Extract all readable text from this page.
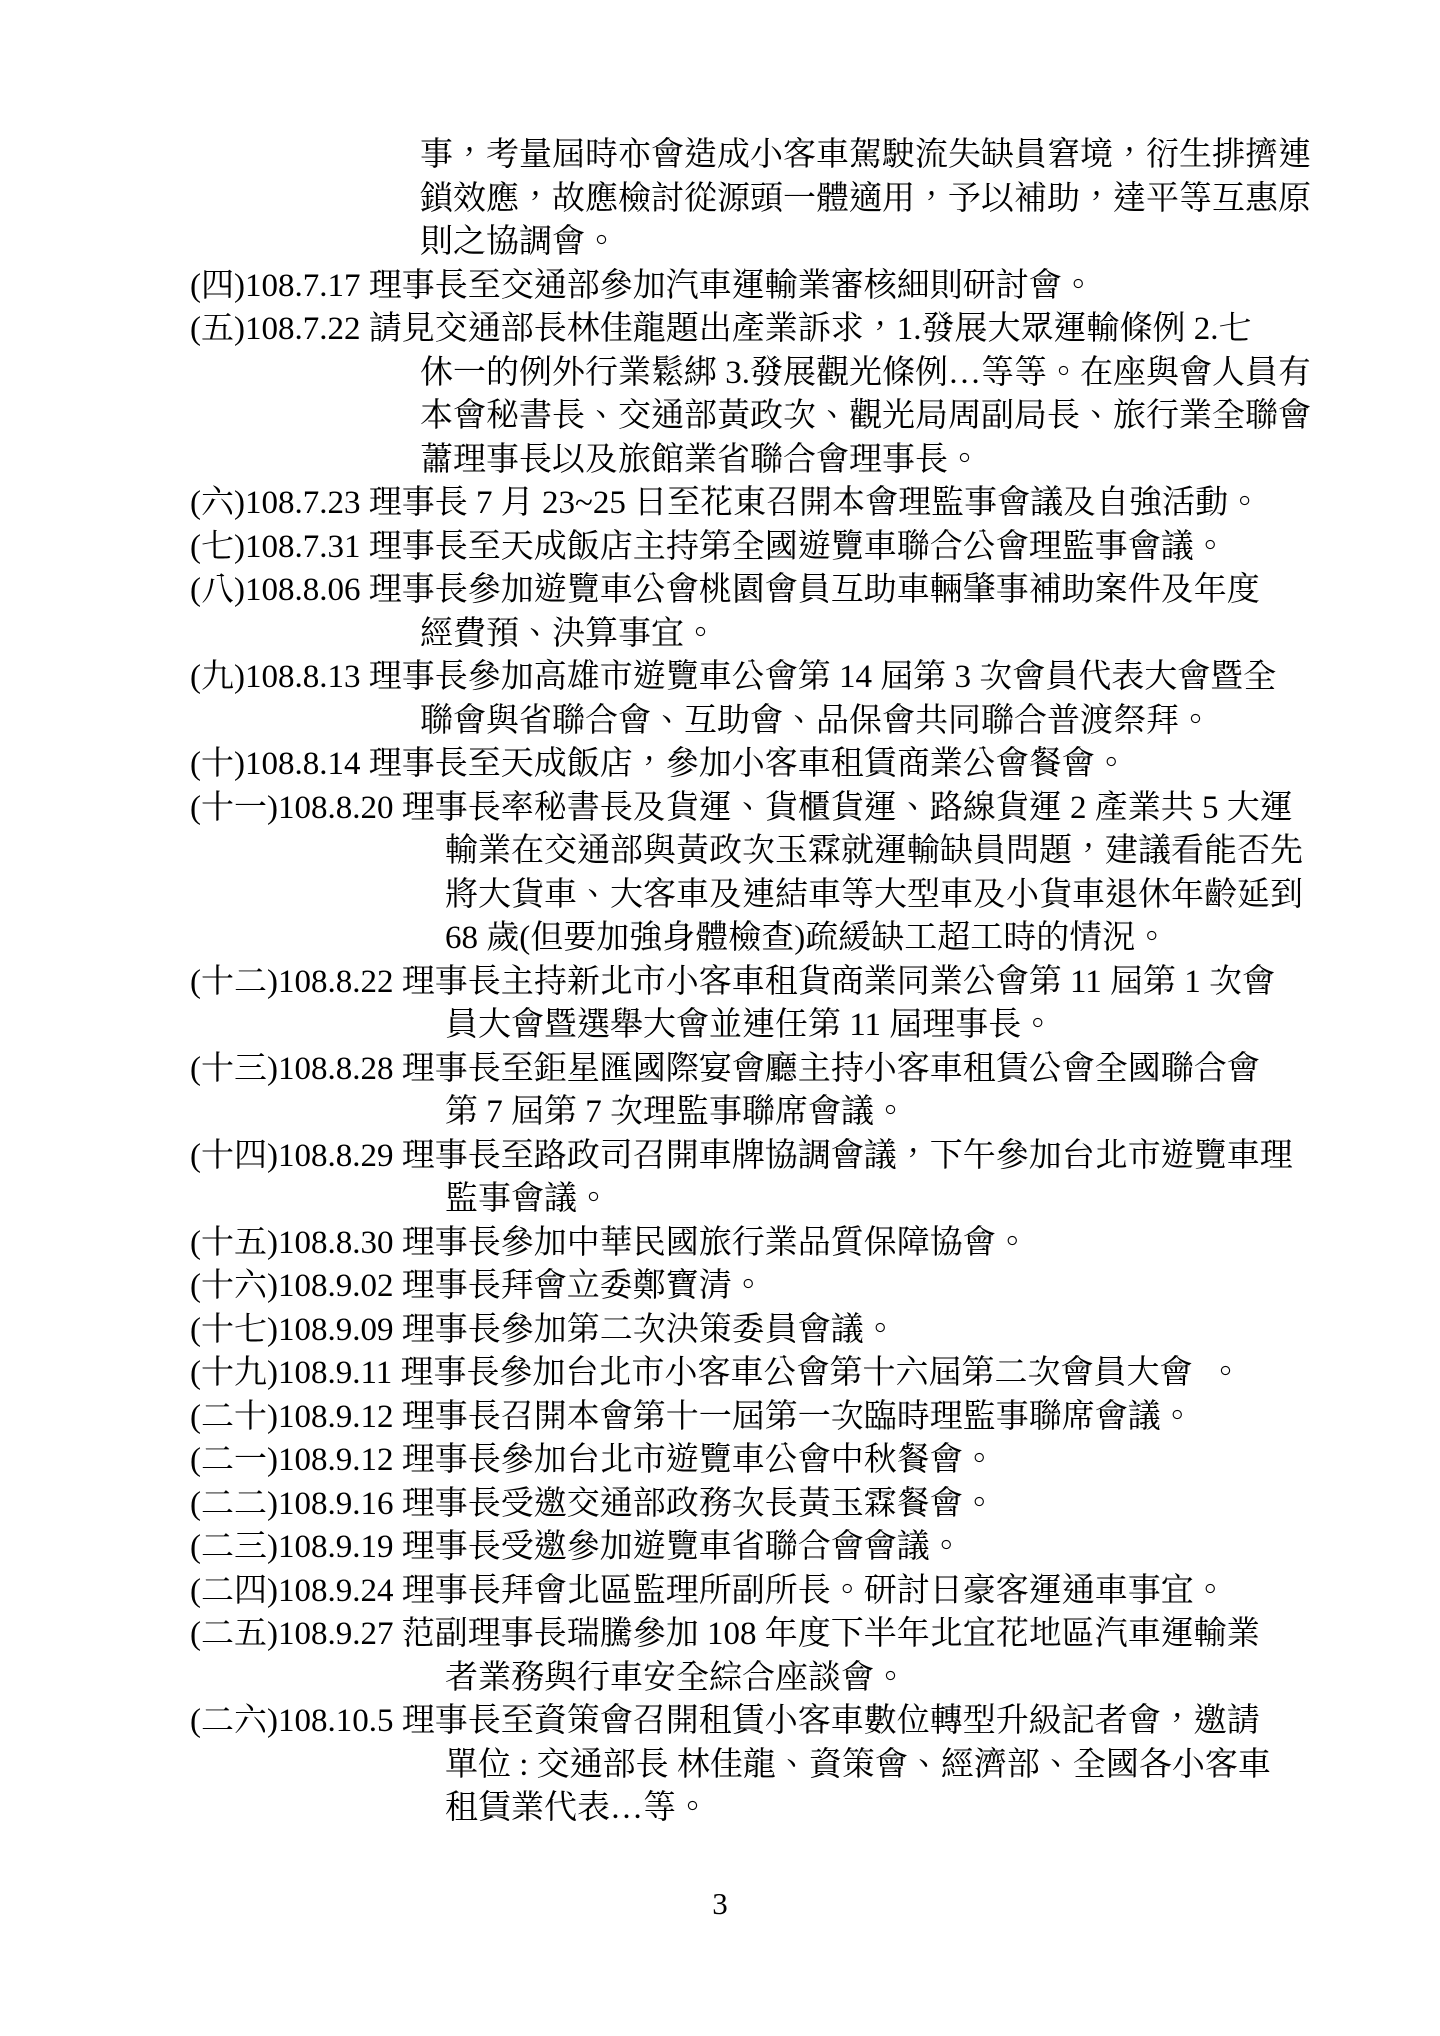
事，考量屆時亦會造成小客車駕駛流失缺員窘境，衍生排擠連
鎖效應，故應檢討從源頭一體適用，予以補助，達平等互惠原
則之協調會。
(四)108.7.17 理事長至交通部參加汽車運輸業審核細則研討會。
(五)108.7.22 請見交通部長林佳龍題出產業訴求，1.發展大眾運輸條例 2.七
休一的例外行業鬆綁 3.發展觀光條例…等等。在座與會人員有
本會秘書長、交通部黃政次、觀光局周副局長、旅行業全聯會
蕭理事長以及旅館業省聯合會理事長。
(六)108.7.23 理事長 7 月 23~25 日至花東召開本會理監事會議及自強活動。
(七)108.7.31 理事長至天成飯店主持第全國遊覽車聯合公會理監事會議。
(八)108.8.06 理事長參加遊覽車公會桃園會員互助車輛肇事補助案件及年度
經費預、決算事宜。
(九)108.8.13 理事長參加高雄市遊覽車公會第 14 屆第 3 次會員代表大會暨全
聯會與省聯合會、互助會、品保會共同聯合普渡祭拜。
(十)108.8.14 理事長至天成飯店，參加小客車租賃商業公會餐會。
(十一)108.8.20 理事長率秘書長及貨運、貨櫃貨運、路線貨運 2 產業共 5 大運
輸業在交通部與黃政次玉霖就運輸缺員問題，建議看能否先
將大貨車、大客車及連結車等大型車及小貨車退休年齡延到
68 歲(但要加強身體檢查)疏緩缺工超工時的情況。
(十二)108.8.22 理事長主持新北市小客車租貨商業同業公會第 11 屆第 1 次會
員大會暨選舉大會並連任第 11 屆理事長。
(十三)108.8.28 理事長至鉅星匯國際宴會廳主持小客車租賃公會全國聯合會
第 7 屆第 7 次理監事聯席會議。
(十四)108.8.29 理事長至路政司召開車牌協調會議，下午參加台北市遊覽車理
監事會議。
(十五)108.8.30 理事長參加中華民國旅行業品質保障協會。
(十六)108.9.02 理事長拜會立委鄭寶清。
(十七)108.9.09 理事長參加第二次決策委員會議。
(十九)108.9.11 理事長參加台北市小客車公會第十六屆第二次會員大會  。
(二十)108.9.12 理事長召開本會第十一屆第一次臨時理監事聯席會議。
(二一)108.9.12 理事長參加台北市遊覽車公會中秋餐會。
(二二)108.9.16 理事長受邀交通部政務次長黃玉霖餐會。
(二三)108.9.19 理事長受邀參加遊覽車省聯合會會議。
(二四)108.9.24 理事長拜會北區監理所副所長。研討日豪客運通車事宜。
(二五)108.9.27 范副理事長瑞騰參加 108 年度下半年北宜花地區汽車運輸業
者業務與行車安全綜合座談會。
(二六)108.10.5 理事長至資策會召開租賃小客車數位轉型升級記者會，邀請
單位 : 交通部長 林佳龍、資策會、經濟部、全國各小客車
租賃業代表…等。
3
